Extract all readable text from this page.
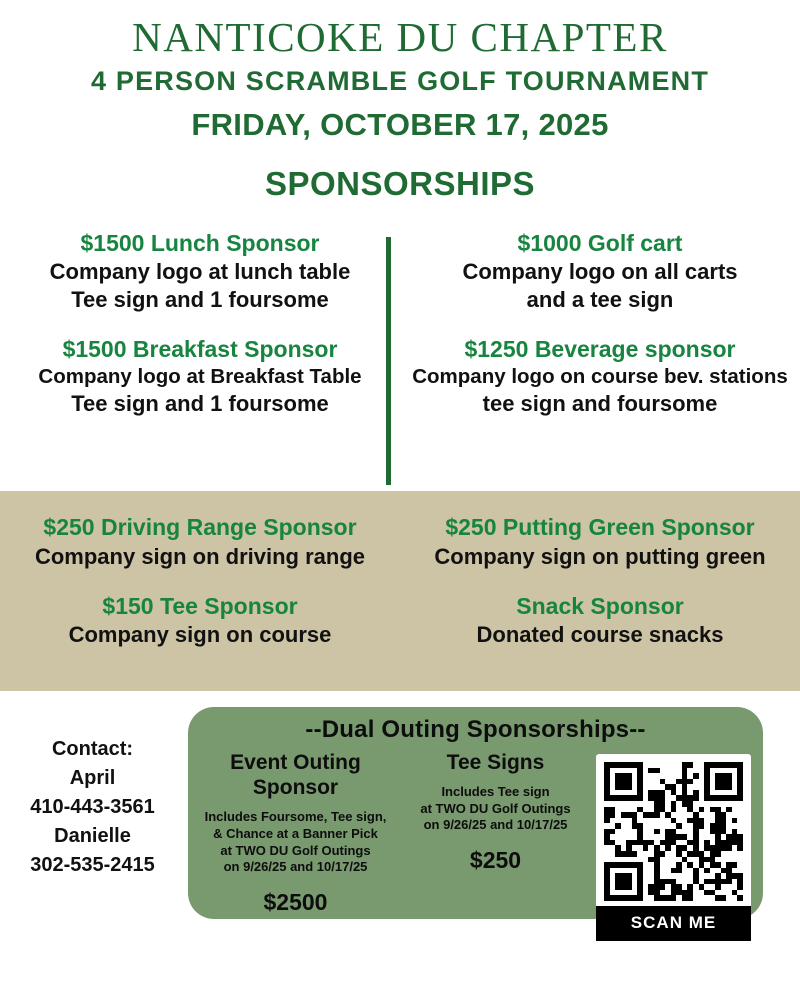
NANTICOKE DU CHAPTER
4 PERSON SCRAMBLE GOLF TOURNAMENT
FRIDAY, OCTOBER 17, 2025
SPONSORSHIPS
$1500 Lunch Sponsor
Company logo at lunch table
Tee sign and 1 foursome
$1500 Breakfast Sponsor
Company logo at Breakfast Table
Tee sign and 1 foursome
$1000 Golf cart
Company logo on all carts
and a tee sign
$1250 Beverage sponsor
Company logo on course bev. stations
tee sign and foursome
$250 Driving Range Sponsor
Company sign on driving range
$150 Tee Sponsor
Company sign on course
$250 Putting Green Sponsor
Company sign on putting green
Snack Sponsor
Donated course snacks
Contact:
April
410-443-3561
Danielle
302-535-2415
--Dual Outing Sponsorships--
Event Outing Sponsor
Includes Foursome, Tee sign,
& Chance at a Banner Pick
at TWO DU Golf Outings
on 9/26/25 and 10/17/25
$2500
Tee Signs
Includes Tee sign
at TWO DU Golf Outings
on 9/26/25 and 10/17/25
$250
SCAN ME
